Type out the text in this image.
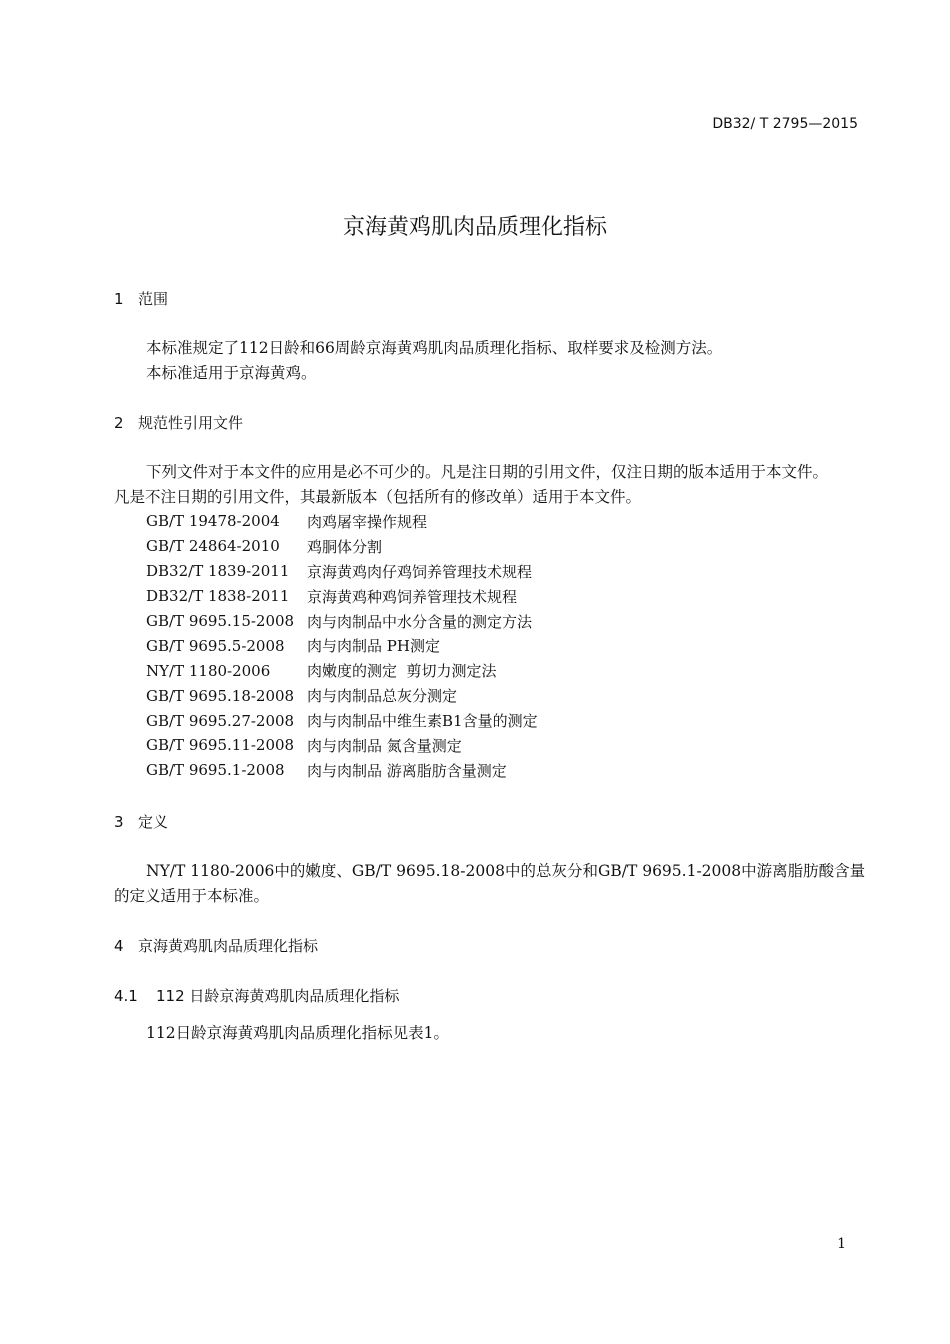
DB32/ T 2795—2015
京海黄鸡肌肉品质理化指标
1 范围
本标准规定了112日龄和66周龄京海黄鸡肌肉品质理化指标、取样要求及检测方法。
本标准适用于京海黄鸡。
2 规范性引用文件
下列文件对于本文件的应用是必不可少的。凡是注日期的引用文件，仅注日期的版本适用于本文件。
凡是不注日期的引用文件，其最新版本（包括所有的修改单）适用于本文件。
GB/T 19478-2004	肉鸡屠宰操作规程
GB/T 24864-2010	鸡胴体分割
DB32/T 1839-2011	京海黄鸡肉仔鸡饲养管理技术规程
DB32/T 1838-2011	京海黄鸡种鸡饲养管理技术规程
GB/T 9695.15-2008 肉与肉制品中水分含量的测定方法
GB/T 9695.5-2008	肉与肉制品 PH测定
NY/T 1180-2006	肉嫩度的测定  剪切力测定法
GB/T 9695.18-2008 肉与肉制品总灰分测定
GB/T 9695.27-2008 肉与肉制品中维生素B1含量的测定
GB/T 9695.11-2008 肉与肉制品 氮含量测定
GB/T 9695.1-2008	肉与肉制品 游离脂肪含量测定
3 定义
NY/T 1180-2006中的嫩度、GB/T 9695.18-2008中的总灰分和GB/T 9695.1-2008中游离脂肪酸含量
的定义适用于本标准。
4 京海黄鸡肌肉品质理化指标
4.1 112 日龄京海黄鸡肌肉品质理化指标
112日龄京海黄鸡肌肉品质理化指标见表1。
1
